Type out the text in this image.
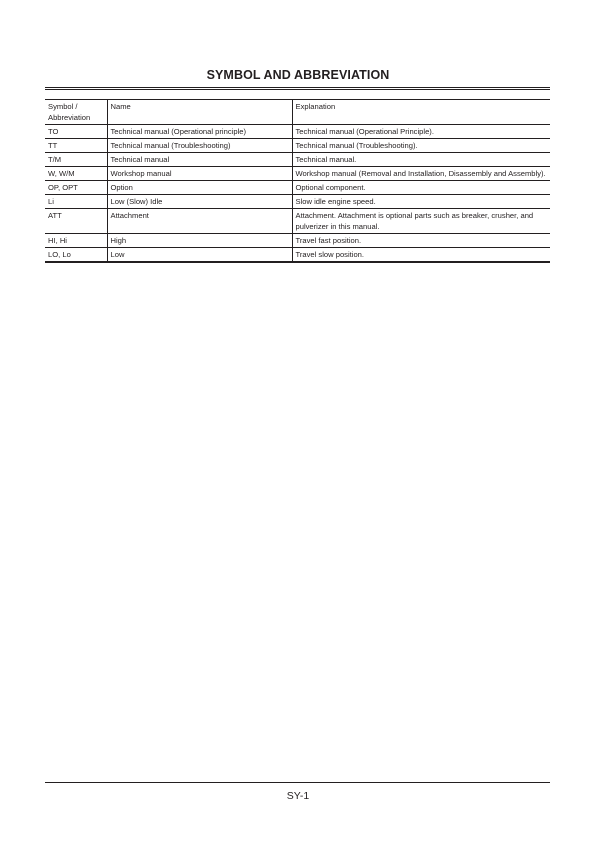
SYMBOL AND ABBREVIATION
Symbol / Abbreviation	Name	Explanation
TO	Technical manual (Operational principle)	Technical manual (Operational Principle).
TT	Technical manual (Troubleshooting)	Technical manual (Troubleshooting).
T/M	Technical manual	Technical manual.
W, W/M	Workshop manual	Workshop manual (Removal and Installation, Disassembly and Assembly).
OP, OPT	Option	Optional component.
Li	Low (Slow) Idle	Slow idle engine speed.
ATT	Attachment	Attachment. Attachment is optional parts such as breaker, crusher, and pulverizer in this manual.
HI, Hi	High	Travel fast position.
LO, Lo	Low	Travel slow position.
SY-1
